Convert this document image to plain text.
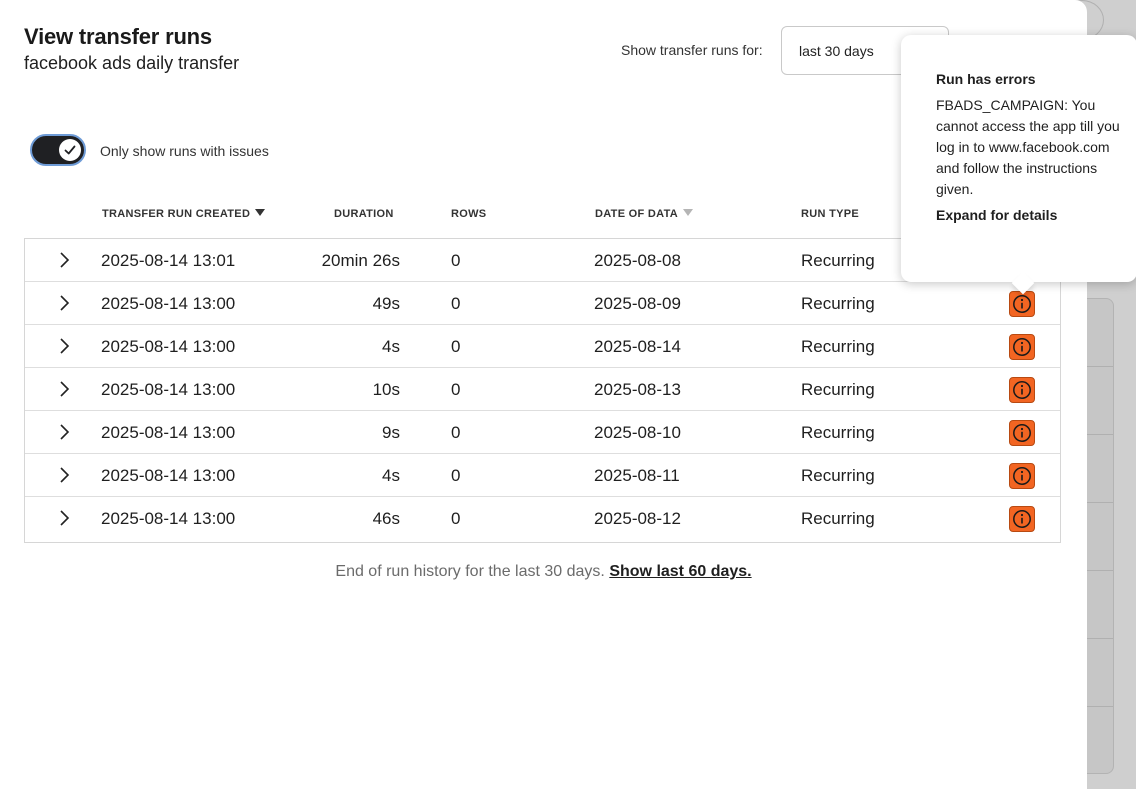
View transfer runs
facebook ads daily transfer
Show transfer runs for:	last 30 days
Only show runs with issues
TRANSFER RUN CREATED	DURATION	ROWS	DATE OF DATA	RUN TYPE
2025-08-14 13:01	20min 26s	0	2025-08-08	Recurring
2025-08-14 13:00	49s	0	2025-08-09	Recurring
2025-08-14 13:00	4s	0	2025-08-14	Recurring
2025-08-14 13:00	10s	0	2025-08-13	Recurring
2025-08-14 13:00	9s	0	2025-08-10	Recurring
2025-08-14 13:00	4s	0	2025-08-11	Recurring
2025-08-14 13:00	46s	0	2025-08-12	Recurring
End of run history for the last 30 days. Show last 60 days.
Run has errors
FBADS_CAMPAIGN: You cannot access the app till you log in to www.facebook.com and follow the instructions given.
Expand for details
